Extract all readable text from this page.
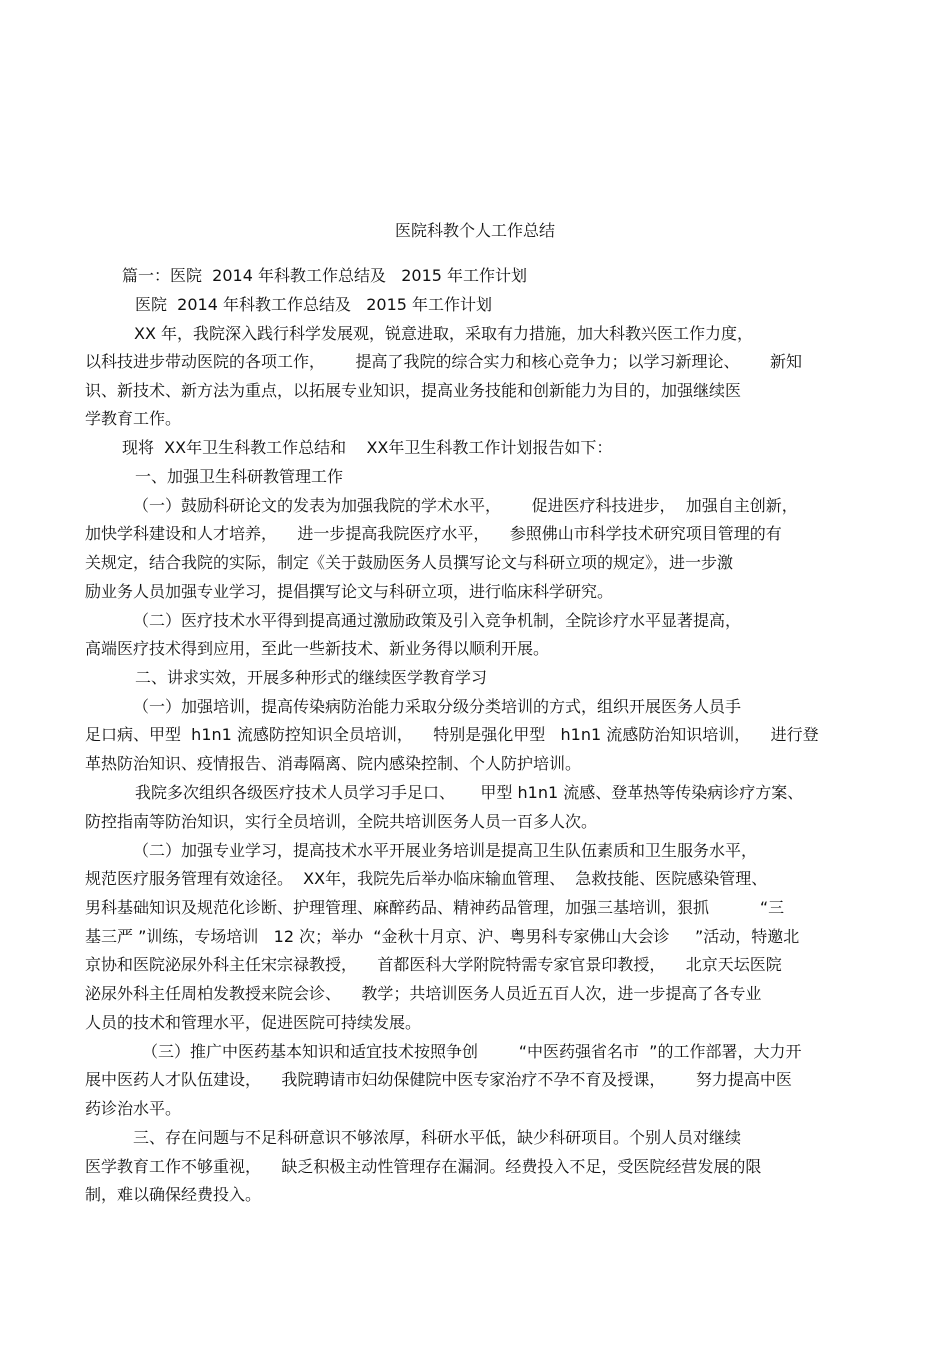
医院科教个人工作总结
篇一：医院  2014 年科教工作总结及   2015 年工作计划
医院  2014 年科教工作总结及   2015 年工作计划
XX 年，我院深入践行科学发展观，锐意进取，采取有力措施，加大科教兴医工作力度，
以科技进步带动医院的各项工作，      提高了我院的综合实力和核心竞争力；以学习新理论、      新知
识、新技术、新方法为重点，以拓展专业知识，提高业务技能和创新能力为目的，加强继续医
学教育工作。
现将  XX年卫生科教工作总结和    XX年卫生科教工作计划报告如下：
一、加强卫生科研教管理工作
（一）鼓励科研论文的发表为加强我院的学术水平，      促进医疗科技进步，  加强自主创新，
加快学科建设和人才培养，    进一步提高我院医疗水平，    参照佛山市科学技术研究项目管理的有
关规定，结合我院的实际，制定《关于鼓励医务人员撰写论文与科研立项的规定》，进一步激
励业务人员加强专业学习，提倡撰写论文与科研立项，进行临床科学研究。
（二）医疗技术水平得到提高通过激励政策及引入竞争机制，全院诊疗水平显著提高，
高端医疗技术得到应用，至此一些新技术、新业务得以顺利开展。
二、讲求实效，开展多种形式的继续医学教育学习
（一）加强培训，提高传染病防治能力采取分级分类培训的方式，组织开展医务人员手
足口病、甲型  h1n1 流感防控知识全员培训，    特别是强化甲型   h1n1 流感防治知识培训，    进行登
革热防治知识、疫情报告、消毒隔离、院内感染控制、个人防护培训。
我院多次组织各级医疗技术人员学习手足口、     甲型 h1n1 流感、登革热等传染病诊疗方案、
防控指南等防治知识，实行全员培训，全院共培训医务人员一百多人次。
（二）加强专业学习，提高技术水平开展业务培训是提高卫生队伍素质和卫生服务水平，
规范医疗服务管理有效途径。  XX年，我院先后举办临床输血管理、  急救技能、医院感染管理、
男科基础知识及规范化诊断、护理管理、麻醉药品、精神药品管理，加强三基培训，狠抓          “三
基三严 ”训练，专场培训   12 次；举办  “金秋十月京、沪、粤男科专家佛山大会诊     ”活动，特邀北
京协和医院泌尿外科主任宋宗禄教授，    首都医科大学附院特需专家官景印教授，    北京天坛医院
泌尿外科主任周柏发教授来院会诊、    教学；共培训医务人员近五百人次，进一步提高了各专业
人员的技术和管理水平，促进医院可持续发展。
（三）推广中医药基本知识和适宜技术按照争创        “中医药强省名市  ”的工作部署，大力开
展中医药人才队伍建设，    我院聘请市妇幼保健院中医专家治疗不孕不育及授课，      努力提高中医
药诊治水平。
三、存在问题与不足科研意识不够浓厚，科研水平低，缺少科研项目。个别人员对继续
医学教育工作不够重视，    缺乏积极主动性管理存在漏洞。经费投入不足，受医院经营发展的限
制，难以确保经费投入。
